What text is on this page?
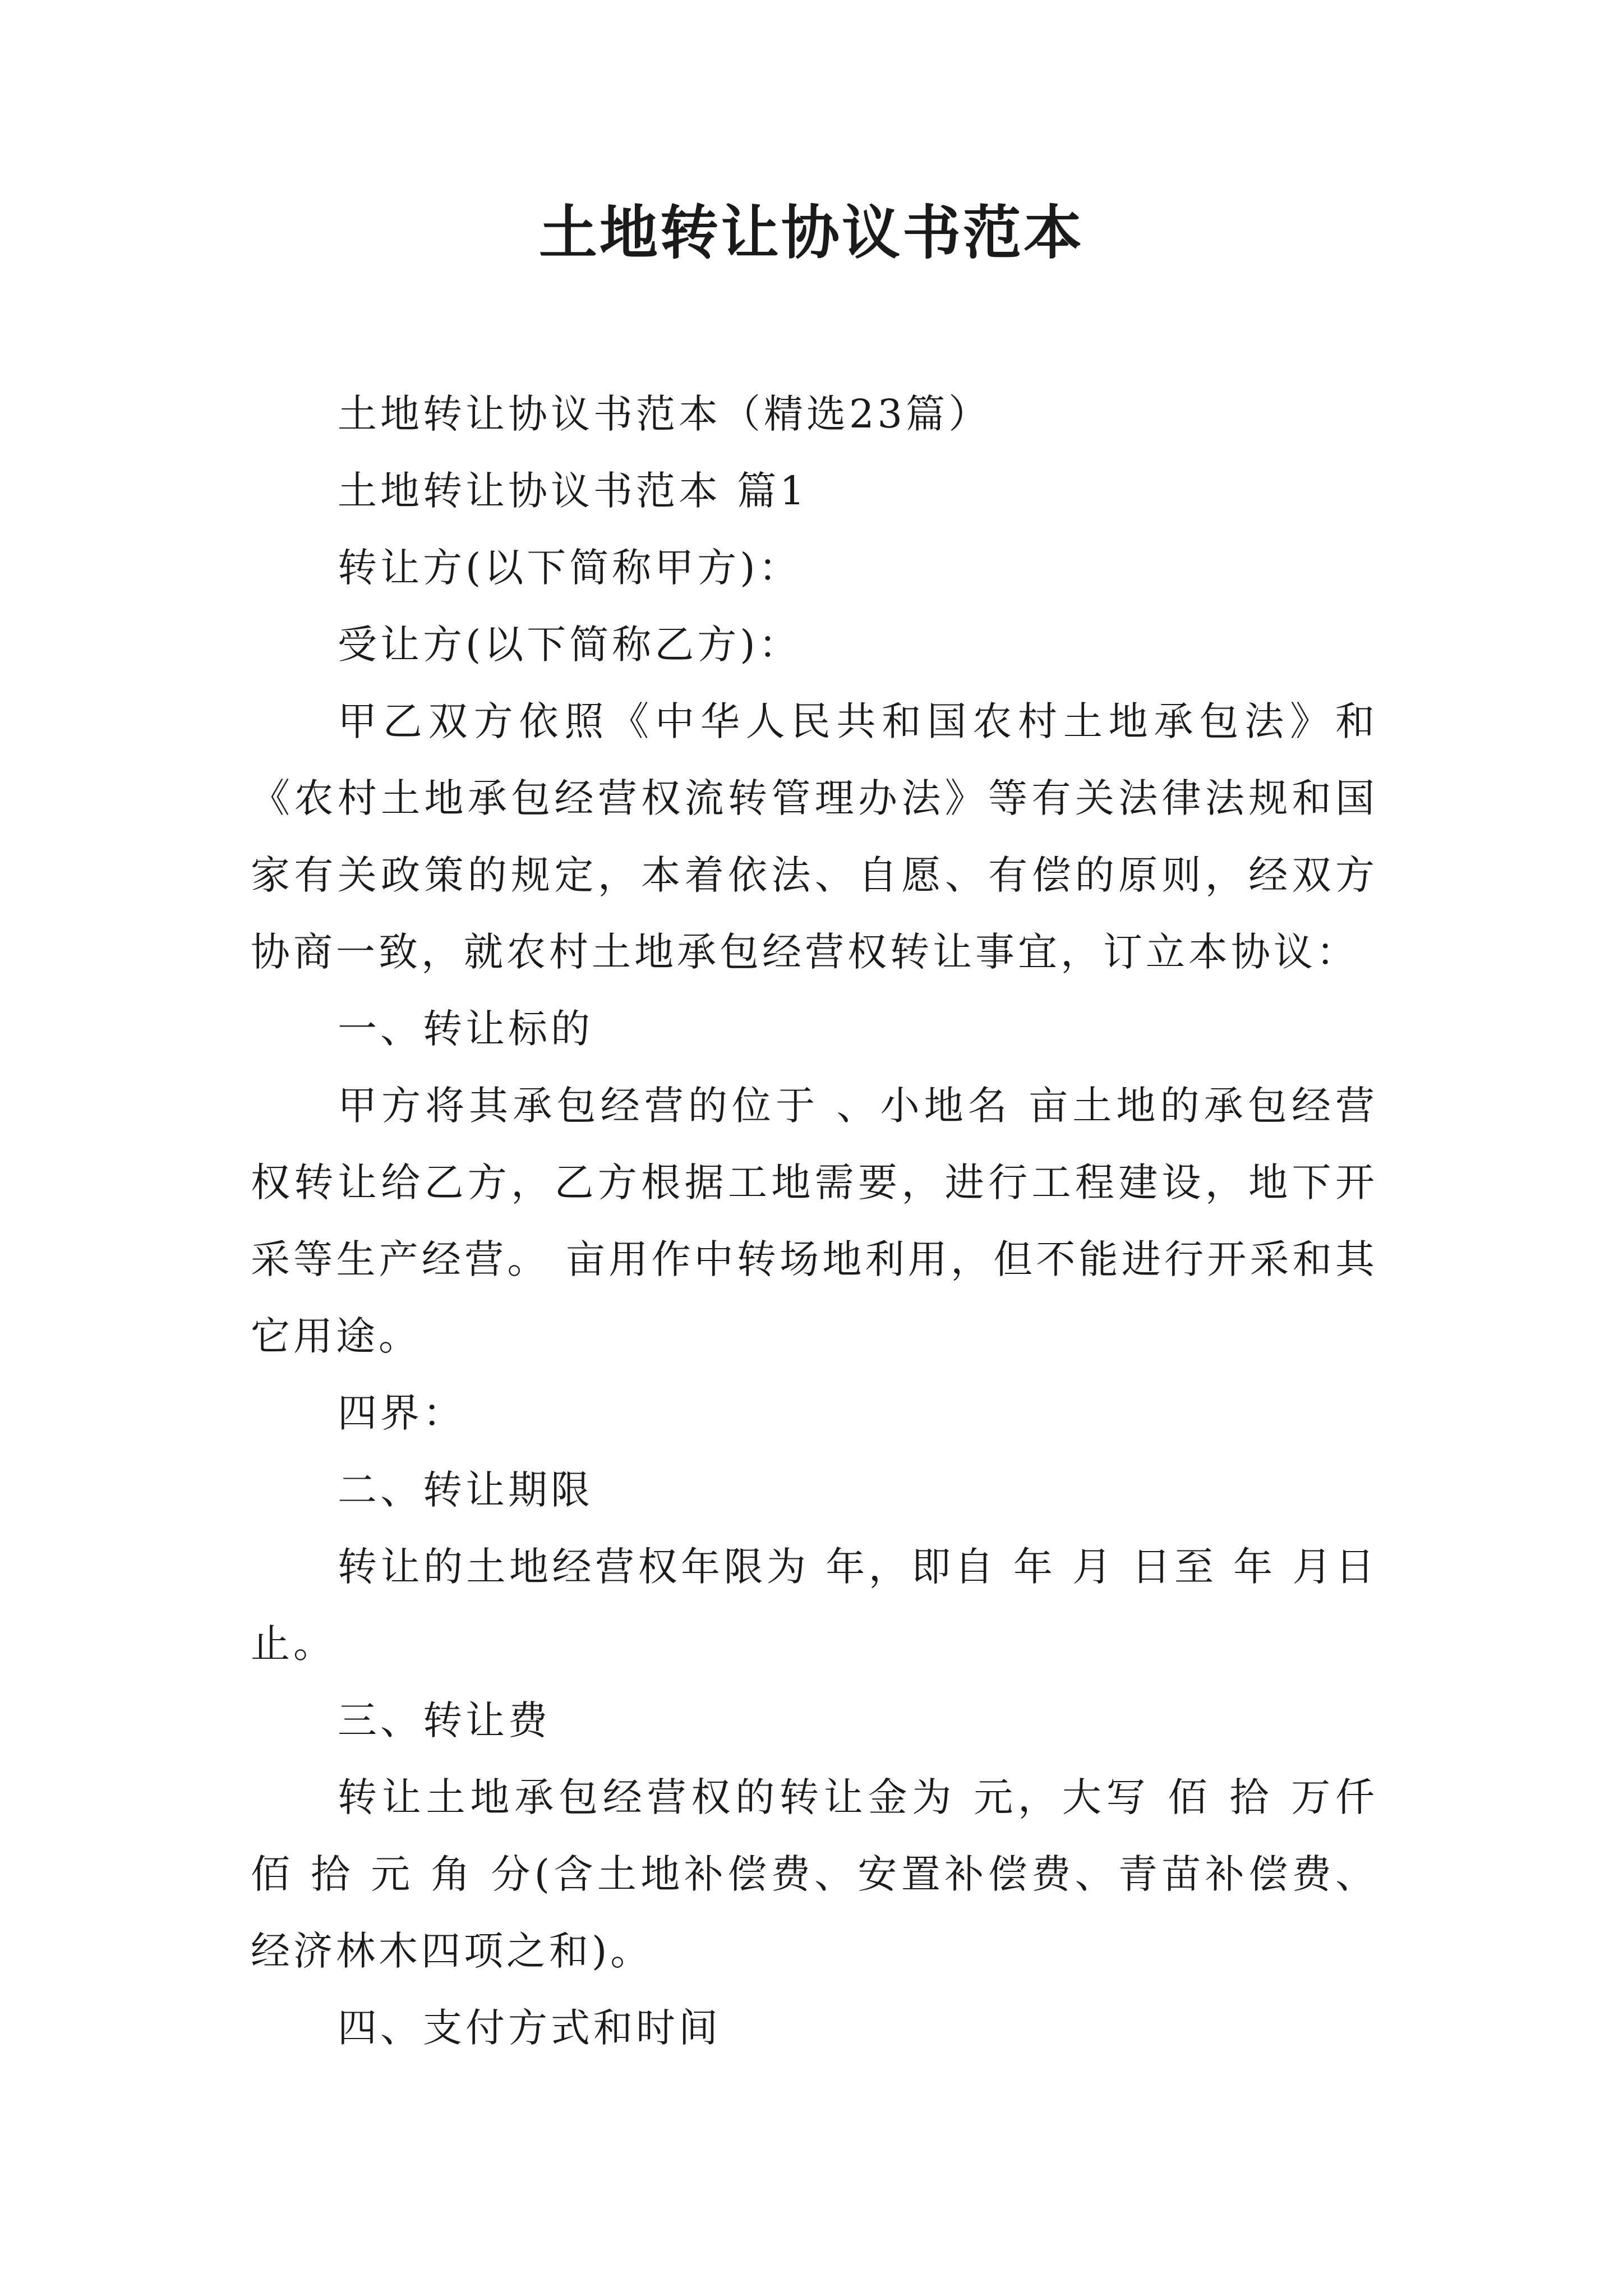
土地转让协议书范本

土地转让协议书范本（精选23篇）

土地转让协议书范本 篇1

转让方(以下简称甲方)：

受让方(以下简称乙方)：

甲乙双方依照《中华人民共和国农村土地承包法》和《农村土地承包经营权流转管理办法》等有关法律法规和国家有关政策的规定，本着依法、自愿、有偿的原则，经双方协商一致，就农村土地承包经营权转让事宜，订立本协议：

一、转让标的

甲方将其承包经营的位于 、小地名 亩土地的承包经营权转让给乙方，乙方根据工地需要，进行工程建设，地下开采等生产经营。 亩用作中转场地利用，但不能进行开采和其它用途。

四界：

二、转让期限

转让的土地经营权年限为 年，即自 年 月 日至 年 月日止。

三、转让费

转让土地承包经营权的转让金为 元，大写 佰 拾 万仟 佰 拾 元 角 分(含土地补偿费、安置补偿费、青苗补偿费、经济林木四项之和)。

四、支付方式和时间
